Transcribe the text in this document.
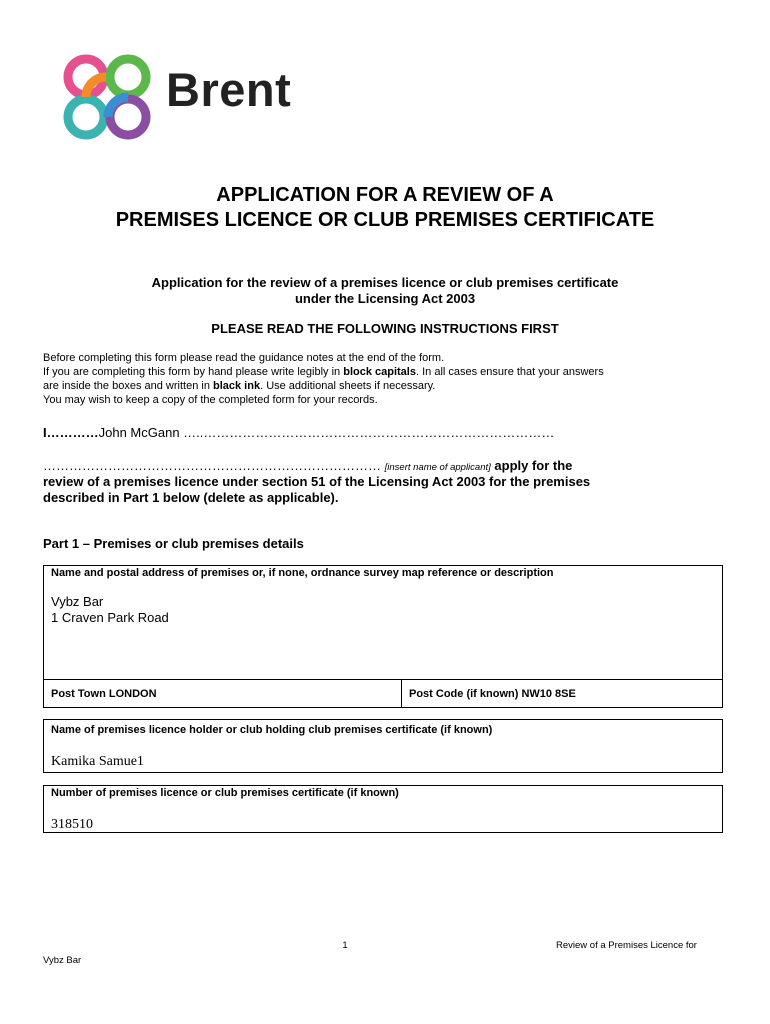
Brent
APPLICATION FOR A REVIEW OF A
PREMISES LICENCE OR CLUB PREMISES CERTIFICATE
Application for the review of a premises licence or club premises certificate
under the Licensing Act 2003
PLEASE READ THE FOLLOWING INSTRUCTIONS FIRST
Before completing this form please read the guidance notes at the end of the form.
If you are completing this form by hand please write legibly in block capitals. In all cases ensure that your answers
are inside the boxes and written in black ink. Use additional sheets if necessary.
You may wish to keep a copy of the completed form for your records.
I…………John McGann …..………………………………………………………………………
…………………………………………………………………… [insert name of applicant] apply for the
review of a premises licence under section 51 of the Licensing Act 2003 for the premises
described in Part 1 below (delete as applicable).
Part 1 – Premises or club premises details
Name and postal address of premises or, if none, ordnance survey map reference or description
Vybz Bar
1 Craven Park Road
Post Town LONDON	Post Code (if known) NW10 8SE
Name of premises licence holder or club holding club premises certificate (if known)
Kamika Samue1
Number of premises licence or club premises certificate (if known)
318510
1	Review of a Premises Licence for
Vybz Bar
